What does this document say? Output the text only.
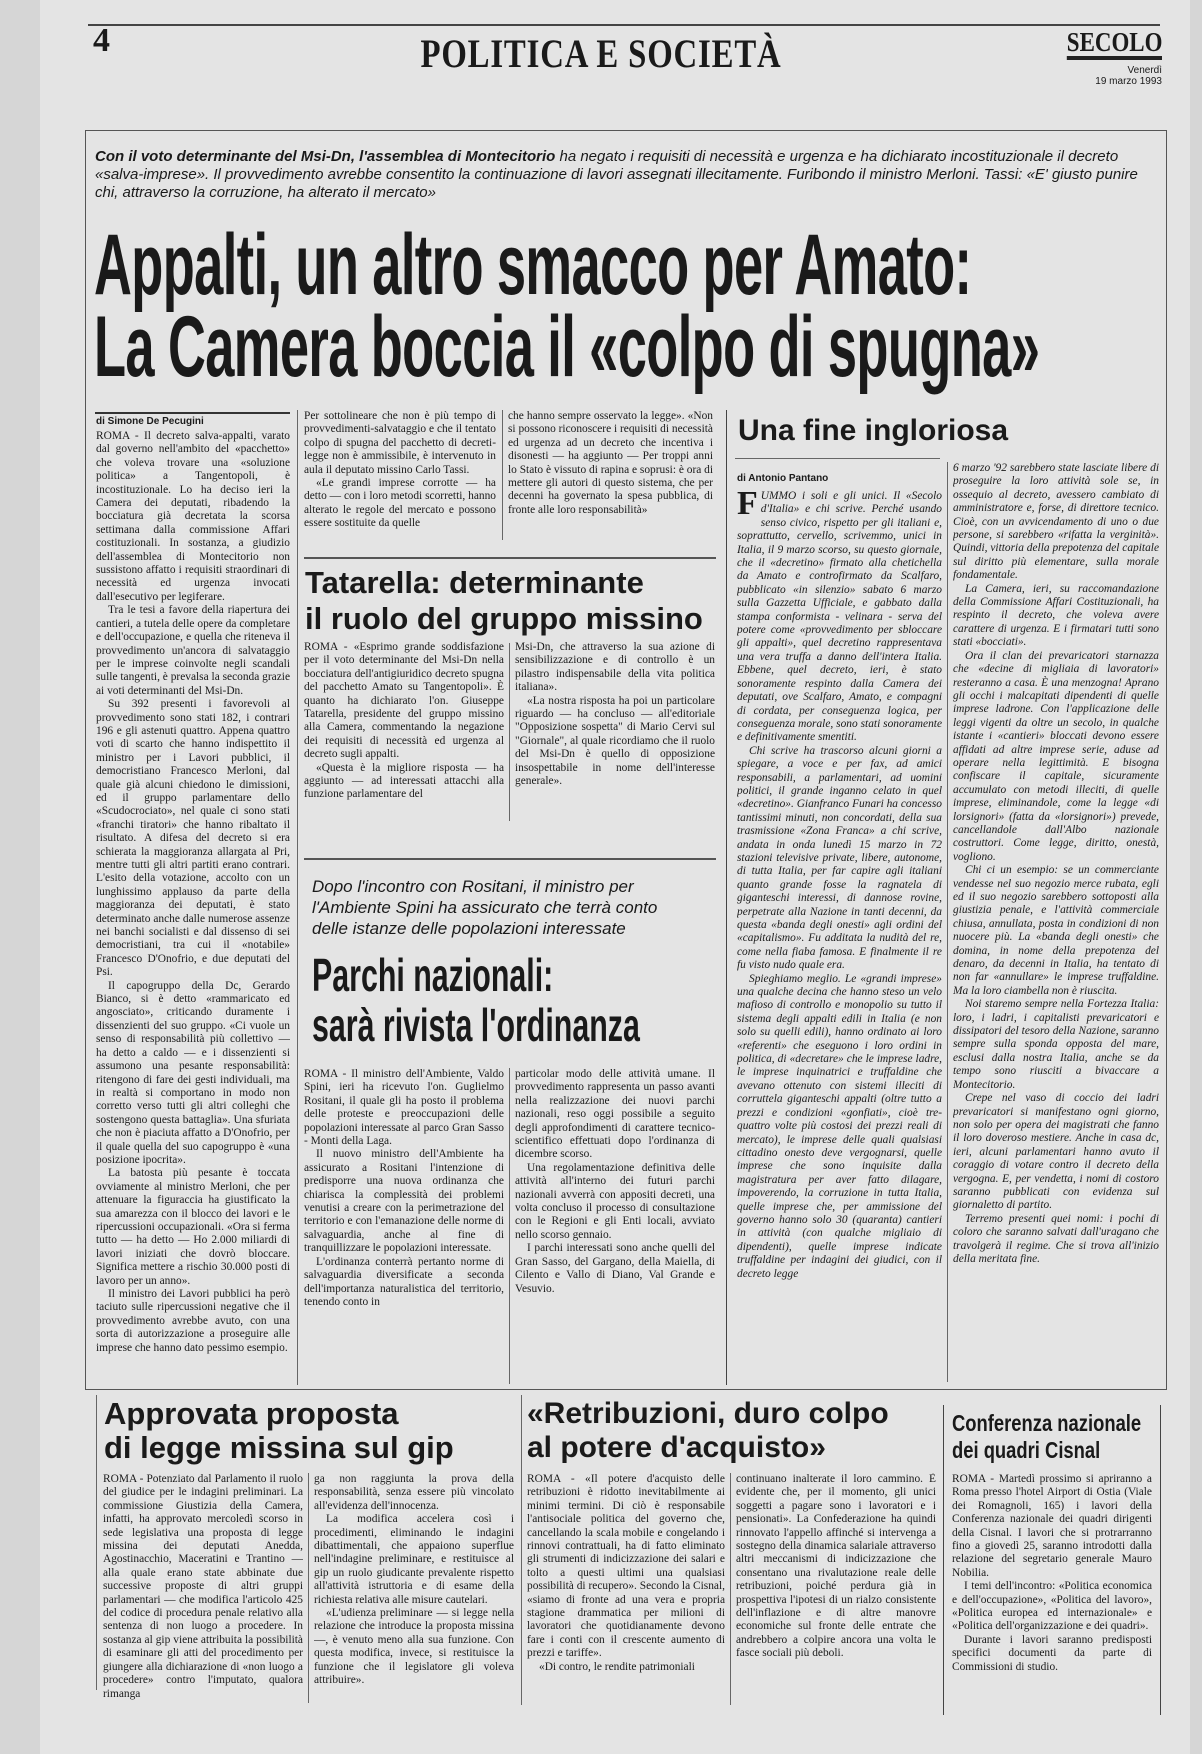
4	POLITICA E SOCIETÀ	SECOLO
Venerdì
19 marzo 1993
Con il voto determinante del Msi-Dn, l'assemblea di Montecitorio ha negato i requisiti di necessità e urgenza e ha dichiarato incostituzionale il decreto «salva-imprese». Il provvedimento avrebbe consentito la continuazione di lavori assegnati illecitamente. Furibondo il ministro Merloni. Tassi: «E' giusto punire chi, attraverso la corruzione, ha alterato il mercato»
Appalti, un altro smacco per Amato:
La Camera boccia il «colpo di spugna»
di Simone De Pecugini

ROMA - Il decreto salva-appalti, varato dal governo nell'ambito del «pacchetto» che voleva trovare una «soluzione politica» a Tangentopoli, è incostituzionale. Lo ha deciso ieri la Camera dei deputati, ribadendo la bocciatura già decretata la scorsa settimana dalla commissione Affari costituzionali. In sostanza, a giudizio dell'assemblea di Montecitorio non sussistono affatto i requisiti straordinari di necessità ed urgenza invocati dall'esecutivo per legiferare.

Tra le tesi a favore della riapertura dei cantieri, a tutela delle opere da completare e dell'occupazione, e quella che riteneva il provvedimento un'ancora di salvataggio per le imprese coinvolte negli scandali sulle tangenti, è prevalsa la seconda grazie ai voti determinanti del Msi-Dn.

Su 392 presenti i favorevoli al provvedimento sono stati 182, i contrari 196 e gli astenuti quattro. Appena quattro voti di scarto che hanno indispettito il ministro per i Lavori pubblici, il democristiano Francesco Merloni, dal quale già alcuni chiedono le dimissioni, ed il gruppo parlamentare dello «Scudocrociato», nel quale ci sono stati «franchi tiratori» che hanno ribaltato il risultato. A difesa del decreto si era schierata la maggioranza allargata al Pri, mentre tutti gli altri partiti erano contrari. L'esito della votazione, accolto con un lunghissimo applauso da parte della maggioranza dei deputati, è stato determinato anche dalle numerose assenze nei banchi socialisti e dal dissenso di sei democristiani, tra cui il «notabile» Francesco D'Onofrio, e due deputati del Psi.

Il capogruppo della Dc, Gerardo Bianco, si è detto «rammaricato ed angosciato», criticando duramente i dissenzienti del suo gruppo. «Ci vuole un senso di responsabilità più collettivo — ha detto a caldo — e i dissenzienti si assumono una pesante responsabilità: ritengono di fare dei gesti individuali, ma in realtà si comportano in modo non corretto verso tutti gli altri colleghi che sostengono questa battaglia». Una sfuriata che non è piaciuta affatto a D'Onofrio, per il quale quella del suo capogruppo è «una posizione ipocrita».

La batosta più pesante è toccata ovviamente al ministro Merloni, che per attenuare la figuraccia ha giustificato la sua amarezza con il blocco dei lavori e le ripercussioni occupazionali. «Ora si ferma tutto — ha detto — Ho 2.000 miliardi di lavori iniziati che dovrò bloccare. Significa mettere a rischio 30.000 posti di lavoro per un anno».

Il ministro dei Lavori pubblici ha però taciuto sulle ripercussioni negative che il provvedimento avrebbe avuto, con una sorta di autorizzazione a proseguire alle imprese che hanno dato pessimo esempio.

Per sottolineare che non è più tempo di provvedimenti-salvataggio e che il tentato colpo di spugna del pacchetto di decreti-legge non è ammissibile, è intervenuto in aula il deputato missino Carlo Tassi.

«Le grandi imprese corrotte — ha detto — con i loro metodi scorretti, hanno alterato le regole del mercato e possono essere sostituite da quelle

che hanno sempre osservato la legge». «Non si possono riconoscere i requisiti di necessità ed urgenza ad un decreto che incentiva i disonesti — ha aggiunto — Per troppi anni lo Stato è vissuto di rapina e soprusi: è ora di mettere gli autori di questo sistema, che per decenni ha governato la spesa pubblica, di fronte alle loro responsabilità»

Tatarella: determinante
il ruolo del gruppo missino

ROMA - «Esprimo grande soddisfazione per il voto determinante del Msi-Dn nella bocciatura dell'antigiuridico decreto spugna del pacchetto Amato su Tangentopoli». È quanto ha dichiarato l'on. Giuseppe Tatarella, presidente del gruppo missino alla Camera, commentando la negazione dei requisiti di necessità ed urgenza al decreto sugli appalti.

«Questa è la migliore risposta — ha aggiunto — ad interessati attacchi alla funzione parlamentare del

Msi-Dn, che attraverso la sua azione di sensibilizzazione e di controllo è un pilastro indispensabile della vita politica italiana».

«La nostra risposta ha poi un particolare riguardo — ha concluso — all'editoriale "Opposizione sospetta" di Mario Cervi sul "Giornale", al quale ricordiamo che il ruolo del Msi-Dn è quello di opposizione insospettabile in nome dell'interesse generale».

Dopo l'incontro con Rositani, il ministro per l'Ambiente Spini ha assicurato che terrà conto delle istanze delle popolazioni interessate
Parchi nazionali:
sarà rivista l'ordinanza

ROMA - Il ministro dell'Ambiente, Valdo Spini, ieri ha ricevuto l'on. Guglielmo Rositani, il quale gli ha posto il problema delle proteste e preoccupazioni delle popolazioni interessate al parco Gran Sasso - Monti della Laga.

Il nuovo ministro dell'Ambiente ha assicurato a Rositani l'intenzione di predisporre una nuova ordinanza che chiarisca la complessità dei problemi venutisi a creare con la perimetrazione del territorio e con l'emanazione delle norme di salvaguardia, anche al fine di tranquillizzare le popolazioni interessate.

L'ordinanza conterrà pertanto norme di salvaguardia diversificate a seconda dell'importanza naturalistica del territorio, tenendo conto in

particolar modo delle attività umane. Il provvedimento rappresenta un passo avanti nella realizzazione dei nuovi parchi nazionali, reso oggi possibile a seguito degli approfondimenti di carattere tecnico-scientifico effettuati dopo l'ordinanza di dicembre scorso.

Una regolamentazione definitiva delle attività all'interno dei futuri parchi nazionali avverrà con appositi decreti, una volta concluso il processo di consultazione con le Regioni e gli Enti locali, avviato nello scorso gennaio.

I parchi interessati sono anche quelli del Gran Sasso, del Gargano, della Maiella, di Cilento e Vallo di Diano, Val Grande e Vesuvio.

Una fine ingloriosa
di Antonio Pantano
F UMMO i soli e gli unici. Il «Secolo d'Italia» e chi scrive. Perché usando senso civico, rispetto per gli italiani e, soprattutto, cervello, scrivemmo, unici in Italia, il 9 marzo scorso, su questo giornale, che il «decretino» firmato alla chetichella da Amato e controfirmato da Scalfaro, pubblicato «in silenzio» sabato 6 marzo sulla Gazzetta Ufficiale, e gabbato dalla stampa conformista - velinara - serva del potere come «provvedimento per sbloccare gli appalti», quel decretino rappresentava una vera truffa a danno dell'intera Italia. Ebbene, quel decreto, ieri, è stato sonoramente respinto dalla Camera dei deputati, ove Scalfaro, Amato, e compagni di cordata, per conseguenza logica, per conseguenza morale, sono stati sonoramente e definitivamente smentiti.

Chi scrive ha trascorso alcuni giorni a spiegare, a voce e per fax, ad amici responsabili, a parlamentari, ad uomini politici, il grande inganno celato in quel «decretino». Gianfranco Funari ha concesso tantissimi minuti, non concordati, della sua trasmissione «Zona Franca» a chi scrive, andata in onda lunedì 15 marzo in 72 stazioni televisive private, libere, autonome, di tutta Italia, per far capire agli italiani quanto grande fosse la ragnatela di giganteschi interessi, di dannose rovine, perpetrate alla Nazione in tanti decenni, da questa «banda degli onesti» agli ordini del «capitalismo». Fu additata la nudità del re, come nella fiaba famosa. E finalmente il re fu visto nudo quale era.

Spieghiamo meglio. Le «grandi imprese» una qualche decina che hanno steso un velo mafioso di controllo e monopolio su tutto il sistema degli appalti edili in Italia (e non solo su quelli edili), hanno ordinato ai loro «referenti» che eseguono i loro ordini in politica, di «decretare» che le imprese ladre, le imprese inquinatrici e truffaldine che avevano ottenuto con sistemi illeciti di corruttela giganteschi appalti (oltre tutto a prezzi e condizioni «gonfiati», cioè tre-quattro volte più costosi dei prezzi reali di mercato), le imprese delle quali qualsiasi cittadino onesto deve vergognarsi, quelle imprese che sono inquisite dalla magistratura per aver fatto dilagare, impoverendo, la corruzione in tutta Italia, quelle imprese che, per ammissione del governo hanno solo 30 (quaranta) cantieri in attività (con qualche migliaio di dipendenti), quelle imprese indicate truffaldine per indagini dei giudici, con il decreto legge

6 marzo '92 sarebbero state lasciate libere di proseguire la loro attività sole se, in ossequio al decreto, avessero cambiato di amministratore e, forse, di direttore tecnico. Cioè, con un avvicendamento di uno o due persone, si sarebbero «rifatta la verginità». Quindi, vittoria della prepotenza del capitale sul diritto più elementare, sulla morale fondamentale.

La Camera, ieri, su raccomandazione della Commissione Affari Costituzionali, ha respinto il decreto, che voleva avere carattere di urgenza. E i firmatari tutti sono stati «bocciati».

Ora il clan dei prevaricatori starnazza che «decine di migliaia di lavoratori» resteranno a casa. È una menzogna! Aprano gli occhi i malcapitati dipendenti di quelle imprese ladrone. Con l'applicazione delle leggi vigenti da oltre un secolo, in qualche istante i «cantieri» bloccati devono essere affidati ad altre imprese serie, aduse ad operare nella legittimità. E bisogna confiscare il capitale, sicuramente accumulato con metodi illeciti, di quelle imprese, eliminandole, come la legge «di lorsignori» (fatta da «lorsignori») prevede, cancellandole dall'Albo nazionale costruttori. Come legge, diritto, onestà, vogliono.

Chi ci un esempio: se un commerciante vendesse nel suo negozio merce rubata, egli ed il suo negozio sarebbero sottoposti alla giustizia penale, e l'attività commerciale chiusa, annullata, posta in condizioni di non nuocere più. La «banda degli onesti» che domina, in nome della prepotenza del denaro, da decenni in Italia, ha tentato di non far «annullare» le imprese truffaldine. Ma la loro ciambella non è riuscita.

Noi staremo sempre nella Fortezza Italia: loro, i ladri, i capitalisti prevaricatori e dissipatori del tesoro della Nazione, saranno sempre sulla sponda opposta del mare, esclusi dalla nostra Italia, anche se da tempo sono riusciti a bivaccare a Montecitorio.

Crepe nel vaso di coccio dei ladri prevaricatori si manifestano ogni giorno, non solo per opera dei magistrati che fanno il loro doveroso mestiere. Anche in casa dc, ieri, alcuni parlamentari hanno avuto il coraggio di votare contro il decreto della vergogna. E, per vendetta, i nomi di costoro saranno pubblicati con evidenza sul giornaletto di partito.

Terremo presenti quei nomi: i pochi di coloro che saranno salvati dall'uragano che travolgerà il regime. Che si trova all'inizio della meritata fine.

Approvata proposta
di legge missina sul gip

ROMA - Potenziato dal Parlamento il ruolo del giudice per le indagini preliminari. La commissione Giustizia della Camera, infatti, ha approvato mercoledì scorso in sede legislativa una proposta di legge missina dei deputati Anedda, Agostinacchio, Maceratini e Trantino — alla quale erano state abbinate due successive proposte di altri gruppi parlamentari — che modifica l'articolo 425 del codice di procedura penale relativo alla sentenza di non luogo a procedere. In sostanza al gip viene attribuita la possibilità di esaminare gli atti del procedimento per giungere alla dichiarazione di «non luogo a procedere» contro l'imputato, qualora rimanga

ga non raggiunta la prova della responsabilità, senza essere più vincolato all'evidenza dell'innocenza.

La modifica accelera così i procedimenti, eliminando le indagini dibattimentali, che appaiono superflue nell'indagine preliminare, e restituisce al gip un ruolo giudicante prevalente rispetto all'attività istruttoria e di esame della richiesta relativa alle misure cautelari.

«L'udienza preliminare — si legge nella relazione che introduce la proposta missina —, è venuto meno alla sua funzione. Con questa modifica, invece, si restituisce la funzione che il legislatore gli voleva attribuire».

«Retribuzioni, duro colpo
al potere d'acquisto»

ROMA - «Il potere d'acquisto delle retribuzioni è ridotto inevitabilmente ai minimi termini. Di ciò è responsabile l'antisociale politica del governo che, cancellando la scala mobile e congelando i rinnovi contrattuali, ha di fatto eliminato gli strumenti di indicizzazione dei salari e tolto a questi ultimi una qualsiasi possibilità di recupero». Secondo la Cisnal, «siamo di fronte ad una vera e propria stagione drammatica per milioni di lavoratori che quotidianamente devono fare i conti con il crescente aumento di prezzi e tariffe».

«Di contro, le rendite patrimoniali

continuano inalterate il loro cammino. È evidente che, per il momento, gli unici soggetti a pagare sono i lavoratori e i pensionati». La Confederazione ha quindi rinnovato l'appello affinché si intervenga a sostegno della dinamica salariale attraverso altri meccanismi di indicizzazione che consentano una rivalutazione reale delle retribuzioni, poiché perdura già in prospettiva l'ipotesi di un rialzo consistente dell'inflazione e di altre manovre economiche sul fronte delle entrate che andrebbero a colpire ancora una volta le fasce sociali più deboli.

Conferenza nazionale
dei quadri Cisnal

ROMA - Martedì prossimo si apriranno a Roma presso l'hotel Airport di Ostia (Viale dei Romagnoli, 165) i lavori della Conferenza nazionale dei quadri dirigenti della Cisnal. I lavori che si protrarranno fino a giovedì 25, saranno introdotti dalla relazione del segretario generale Mauro Nobilia.

I temi dell'incontro: «Politica economica e dell'occupazione», «Politica del lavoro», «Politica europea ed internazionale» e «Politica dell'organizzazione e dei quadri».

Durante i lavori saranno predisposti specifici documenti da parte di Commissioni di studio.
